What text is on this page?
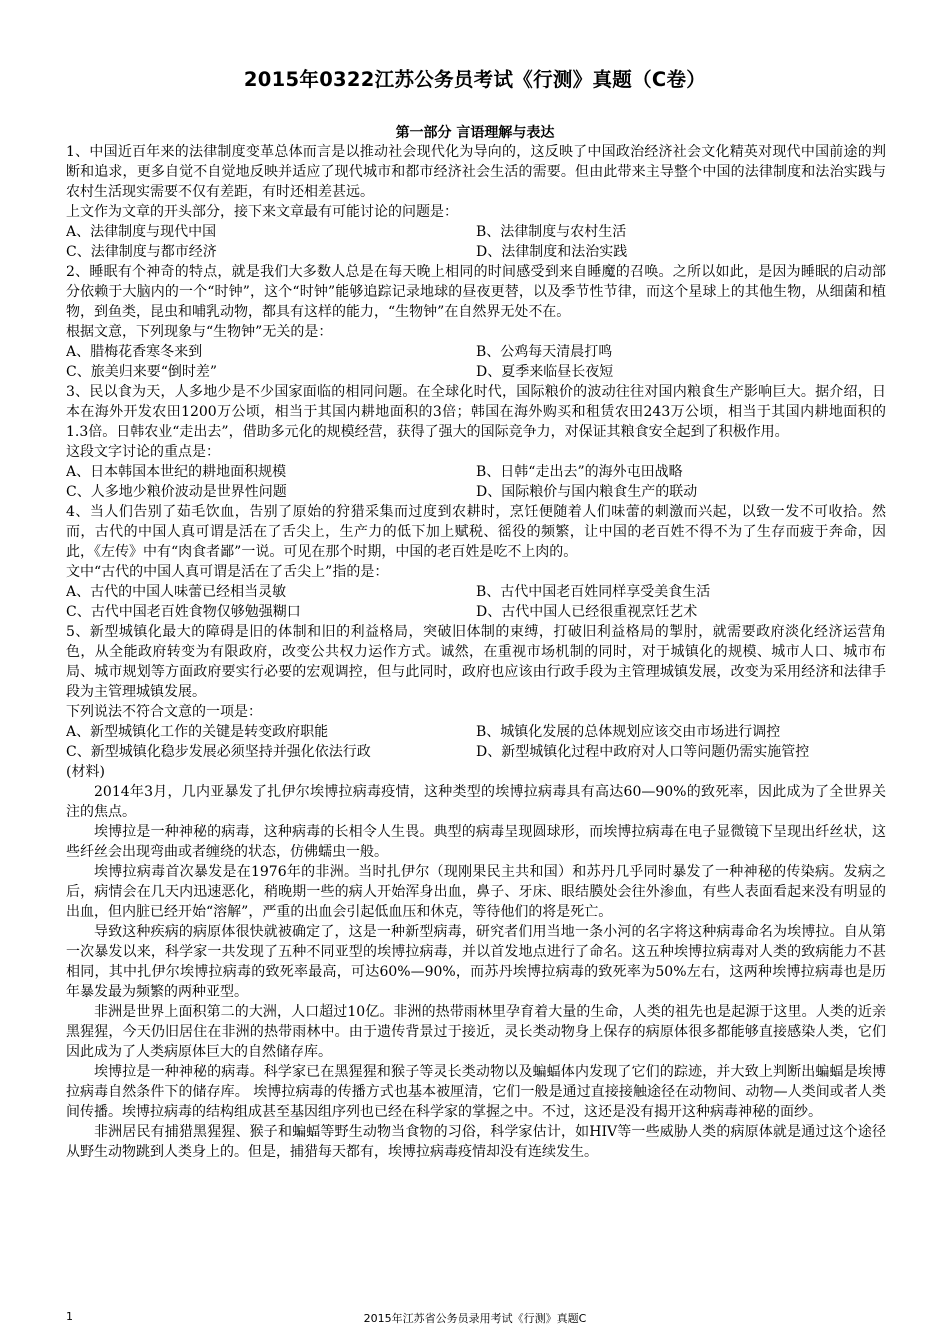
2015年0322江苏公务员考试《行测》真题（C卷）
第一部分 言语理解与表达

1、中国近百年来的法律制度变革总体而言是以推动社会现代化为导向的，这反映了中国政治经济社会文化精英对现代中国前途的判断和追求，更多自觉不自觉地反映并适应了现代城市和都市经济社会生活的需要。但由此带来主导整个中国的法律制度和法治实践与农村生活现实需要不仅有差距，有时还相差甚远。

上文作为文章的开头部分，接下来文章最有可能讨论的问题是：

A、法律制度与现代中国	B、法律制度与农村生活

C、法律制度与都市经济	D、法律制度和法治实践

2、睡眠有个神奇的特点，就是我们大多数人总是在每天晚上相同的时间感受到来自睡魔的召唤。之所以如此，是因为睡眠的启动部分依赖于大脑内的一个“时钟”，这个“时钟”能够追踪记录地球的昼夜更替，以及季节性节律，而这个星球上的其他生物，从细菌和植物，到鱼类，昆虫和哺乳动物，都具有这样的能力，“生物钟”在自然界无处不在。

根据文意，下列现象与“生物钟”无关的是：

A、腊梅花香寒冬来到	B、公鸡每天清晨打鸣

C、旅美归来要“倒时差”	D、夏季来临昼长夜短

3、民以食为天，人多地少是不少国家面临的相同问题。在全球化时代，国际粮价的波动往往对国内粮食生产影响巨大。据介绍，日本在海外开发农田1200万公顷，相当于其国内耕地面积的3倍；韩国在海外购买和租赁农田243万公顷，相当于其国内耕地面积的1.3倍。日韩农业“走出去”，借助多元化的规模经营，获得了强大的国际竞争力，对保证其粮食安全起到了积极作用。

这段文字讨论的重点是：

A、日本韩国本世纪的耕地面积规模	B、日韩“走出去”的海外屯田战略

C、人多地少粮价波动是世界性问题	D、国际粮价与国内粮食生产的联动

4、当人们告别了茹毛饮血，告别了原始的狩猎采集而过度到农耕时，烹饪便随着人们味蕾的刺激而兴起，以致一发不可收拾。然而，古代的中国人真可谓是活在了舌尖上，生产力的低下加上赋税、徭役的频繁，让中国的老百姓不得不为了生存而疲于奔命，因此，《左传》中有“肉食者鄙”一说。可见在那个时期，中国的老百姓是吃不上肉的。

文中“古代的中国人真可谓是活在了舌尖上”指的是：

A、古代的中国人味蕾已经相当灵敏	B、古代中国老百姓同样享受美食生活

C、古代中国老百姓食物仅够勉强糊口	D、古代中国人已经很重视烹饪艺术

5、新型城镇化最大的障碍是旧的体制和旧的利益格局，突破旧体制的束缚，打破旧利益格局的掣肘，就需要政府淡化经济运营角色，从全能政府转变为有限政府，改变公共权力运作方式。诚然，在重视市场机制的同时，对于城镇化的规模、城市人口、城市布局、城市规划等方面政府要实行必要的宏观调控，但与此同时，政府也应该由行政手段为主管理城镇发展，改变为采用经济和法律手段为主管理城镇发展。

下列说法不符合文意的一项是：

A、新型城镇化工作的关键是转变政府职能	B、城镇化发展的总体规划应该交由市场进行调控

C、新型城镇化稳步发展必须坚持并强化依法行政	D、新型城镇化过程中政府对人口等问题仍需实施管控

(材料)

2014年3月，几内亚暴发了扎伊尔埃博拉病毒疫情，这种类型的埃博拉病毒具有高达60—90%的致死率，因此成为了全世界关注的焦点。

埃博拉是一种神秘的病毒，这种病毒的长相令人生畏。典型的病毒呈现圆球形，而埃博拉病毒在电子显微镜下呈现出纤丝状，这些纤丝会出现弯曲或者缠绕的状态，仿佛蠕虫一般。

埃博拉病毒首次暴发是在1976年的非洲。当时扎伊尔（现刚果民主共和国）和苏丹几乎同时暴发了一种神秘的传染病。发病之后，病情会在几天内迅速恶化，稍晚期一些的病人开始浑身出血，鼻子、牙床、眼结膜处会往外渗血，有些人表面看起来没有明显的出血，但内脏已经开始“溶解”，严重的出血会引起低血压和休克，等待他们的将是死亡。

导致这种疾病的病原体很快就被确定了，这是一种新型病毒，研究者们用当地一条小河的名字将这种病毒命名为埃博拉。自从第一次暴发以来，科学家一共发现了五种不同亚型的埃博拉病毒，并以首发地点进行了命名。这五种埃博拉病毒对人类的致病能力不甚相同，其中扎伊尔埃博拉病毒的致死率最高，可达60%—90%，而苏丹埃博拉病毒的致死率为50%左右，这两种埃博拉病毒也是历年暴发最为频繁的两种亚型。

非洲是世界上面积第二的大洲，人口超过10亿。非洲的热带雨林里孕育着大量的生命，人类的祖先也是起源于这里。人类的近亲黑猩猩，今天仍旧居住在非洲的热带雨林中。由于遗传背景过于接近，灵长类动物身上保存的病原体很多都能够直接感染人类，它们因此成为了人类病原体巨大的自然储存库。

埃博拉是一种神秘的病毒。科学家已在黑猩猩和猴子等灵长类动物以及蝙蝠体内发现了它们的踪迹，并大致上判断出蝙蝠是埃博拉病毒自然条件下的储存库。 埃博拉病毒的传播方式也基本被厘清，它们一般是通过直接接触途径在动物间、动物—人类间或者人类间传播。埃博拉病毒的结构组成甚至基因组序列也已经在科学家的掌握之中。不过，这还是没有揭开这种病毒神秘的面纱。

非洲居民有捕猎黑猩猩、猴子和蝙蝠等野生动物当食物的习俗，科学家估计，如HIV等一些威胁人类的病原体就是通过这个途径从野生动物跳到人类身上的。但是，捕猎每天都有，埃博拉病毒疫情却没有连续发生。

1	2015年江苏省公务员录用考试《行测》真题C
